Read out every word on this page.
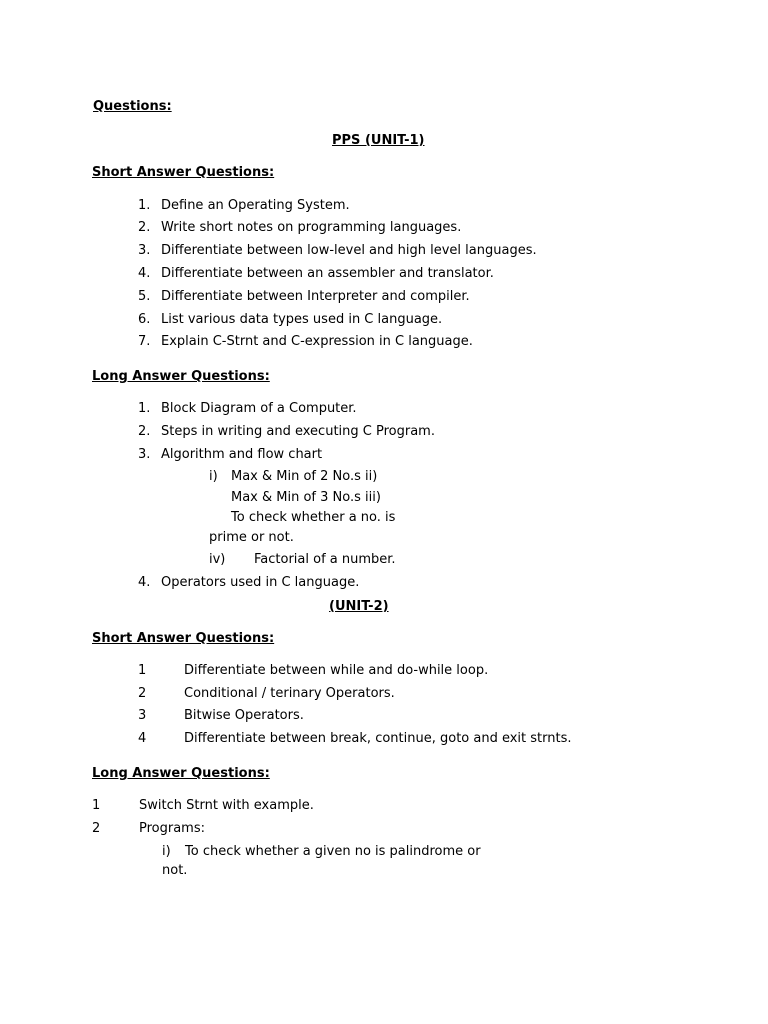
Questions:
PPS (UNIT-1)
Short Answer Questions:
1. Define an Operating System.
2. Write short notes on programming languages.
3. Differentiate between low-level and high level languages.
4. Differentiate between an assembler and translator.
5. Differentiate between Interpreter and compiler.
6. List various data types used in C language.
7. Explain C-Strnt and C-expression in C language.
Long Answer Questions:
1. Block Diagram of a Computer.
2. Steps in writing and executing C Program.
3. Algorithm and flow chart
i) Max & Min of 2 No.s ii)
Max & Min of 3 No.s iii)
To check whether a no. is
prime or not.
iv) Factorial of a number.
4. Operators used in C language.
(UNIT-2)
Short Answer Questions:
1	Differentiate between while and do-while loop.
2	Conditional / terinary Operators.
3	Bitwise Operators.
4	Differentiate between break, continue, goto and exit strnts.
Long Answer Questions:
1	Switch Strnt with example.
2	Programs:
i) To check whether a given no is palindrome or
not.
